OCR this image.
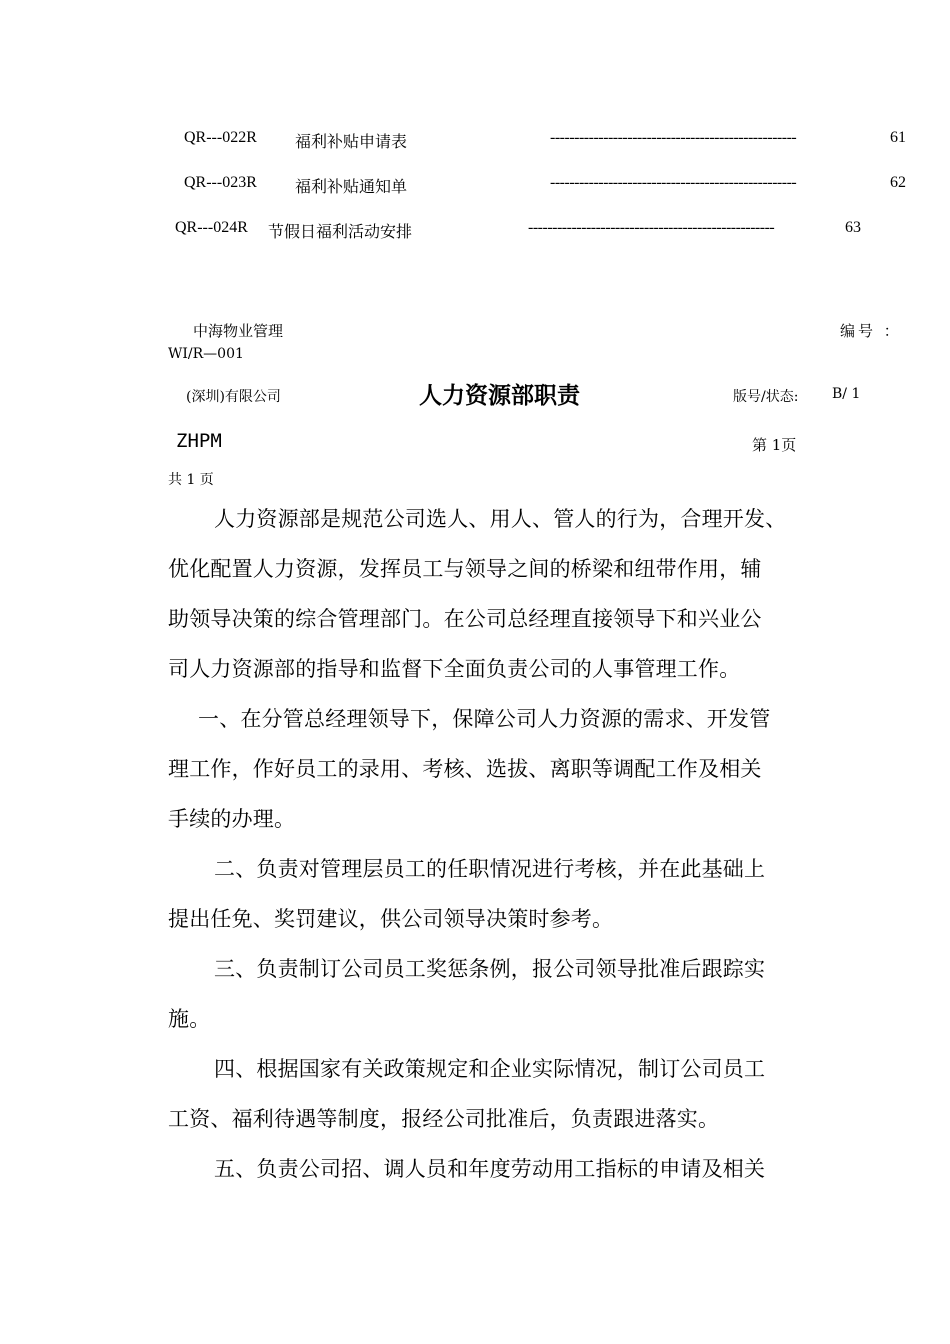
QR---022R 福利补贴申请表	---------------------------------------------------	61
QR---023R 福利补贴通知单	---------------------------------------------------	62
QR---024R 节假日福利活动安排	---------------------------------------------------	63
中海物业管理	编号 ：
WI/R—001
(深圳)有限公司	人力资源部职责	版号/状态: B/ 1
ZHPM	第 1页
共 1 页
人力资源部是规范公司选人、用人、管人的行为，合理开发、
优化配置人力资源，发挥员工与领导之间的桥梁和纽带作用，辅
助领导决策的综合管理部门。在公司总经理直接领导下和兴业公
司人力资源部的指导和监督下全面负责公司的人事管理工作。
一、在分管总经理领导下，保障公司人力资源的需求、开发管
理工作，作好员工的录用、考核、选拔、离职等调配工作及相关
手续的办理。
二、负责对管理层员工的任职情况进行考核，并在此基础上
提出任免、奖罚建议，供公司领导决策时参考。
三、负责制订公司员工奖惩条例，报公司领导批准后跟踪实
施。
四、根据国家有关政策规定和企业实际情况，制订公司员工
工资、福利待遇等制度，报经公司批准后，负责跟进落实。
五、负责公司招、调人员和年度劳动用工指标的申请及相关
